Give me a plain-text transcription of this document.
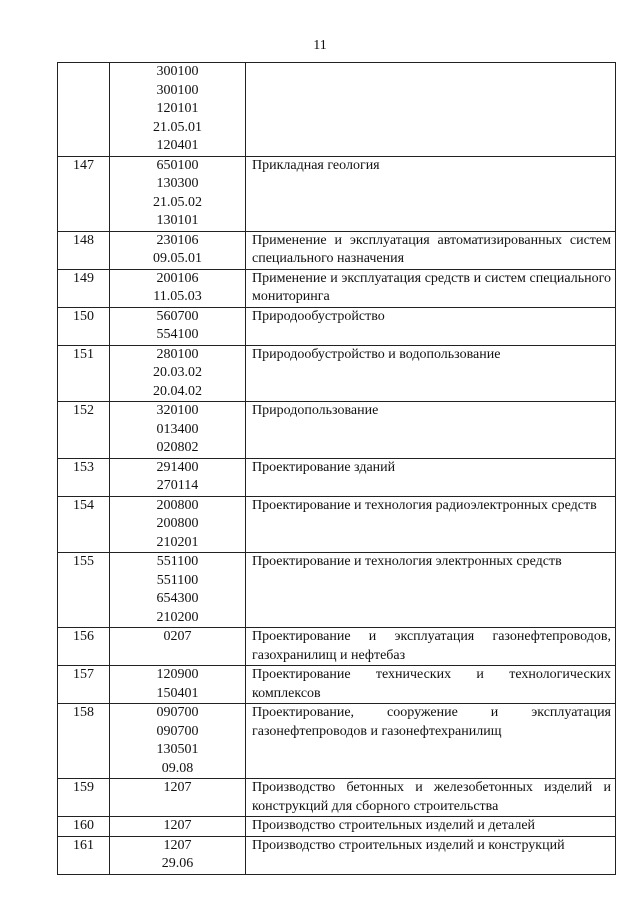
11

	300100
300100
120101
21.05.01
120401	

147	650100
130300
21.05.02
130101	Прикладная геология
148	230106
09.05.01	Применение и эксплуатация автоматизированных систем специального назначения
149	200106
11.05.03	Применение и эксплуатация средств и систем специального мониторинга
150	560700
554100	Природообустройство
151	280100
20.03.02
20.04.02	Природообустройство и водопользование
152	320100
013400
020802	Природопользование
153	291400
270114	Проектирование зданий
154	200800
200800
210201	Проектирование и технология радиоэлектронных средств
155	551100
551100
654300
210200	Проектирование и технология электронных средств
156	0207	Проектирование и эксплуатация газонефтепроводов, газохранилищ и нефтебаз
157	120900
150401	Проектирование технических и технологических комплексов
158	090700
090700
130501
09.08	Проектирование, сооружение и эксплуатация газонефтепроводов и газонефтехранилищ
159	1207	Производство бетонных и железобетонных изделий и конструкций для сборного строительства
160	1207	Производство строительных изделий и деталей
161	1207
29.06	Производство строительных изделий и конструкций
